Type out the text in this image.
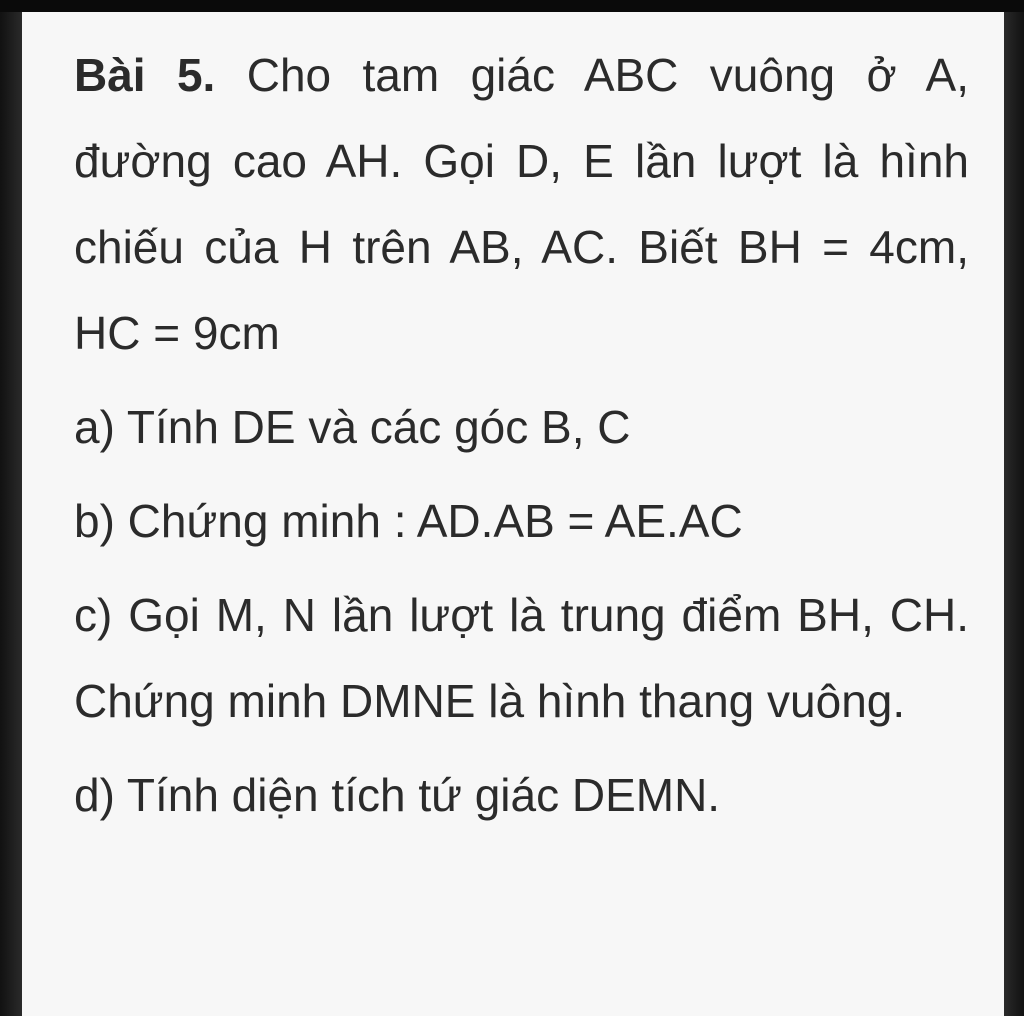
Bài 5. Cho tam giác ABC vuông ở A, đường cao AH. Gọi D, E lần lượt là hình chiếu của H trên AB, AC. Biết BH = 4cm, HC = 9cm

a) Tính DE và các góc B, C

b) Chứng minh : AD.AB = AE.AC

c) Gọi M, N lần lượt là trung điểm BH, CH. Chứng minh DMNE là hình thang vuông.

d) Tính diện tích tứ giác DEMN.
